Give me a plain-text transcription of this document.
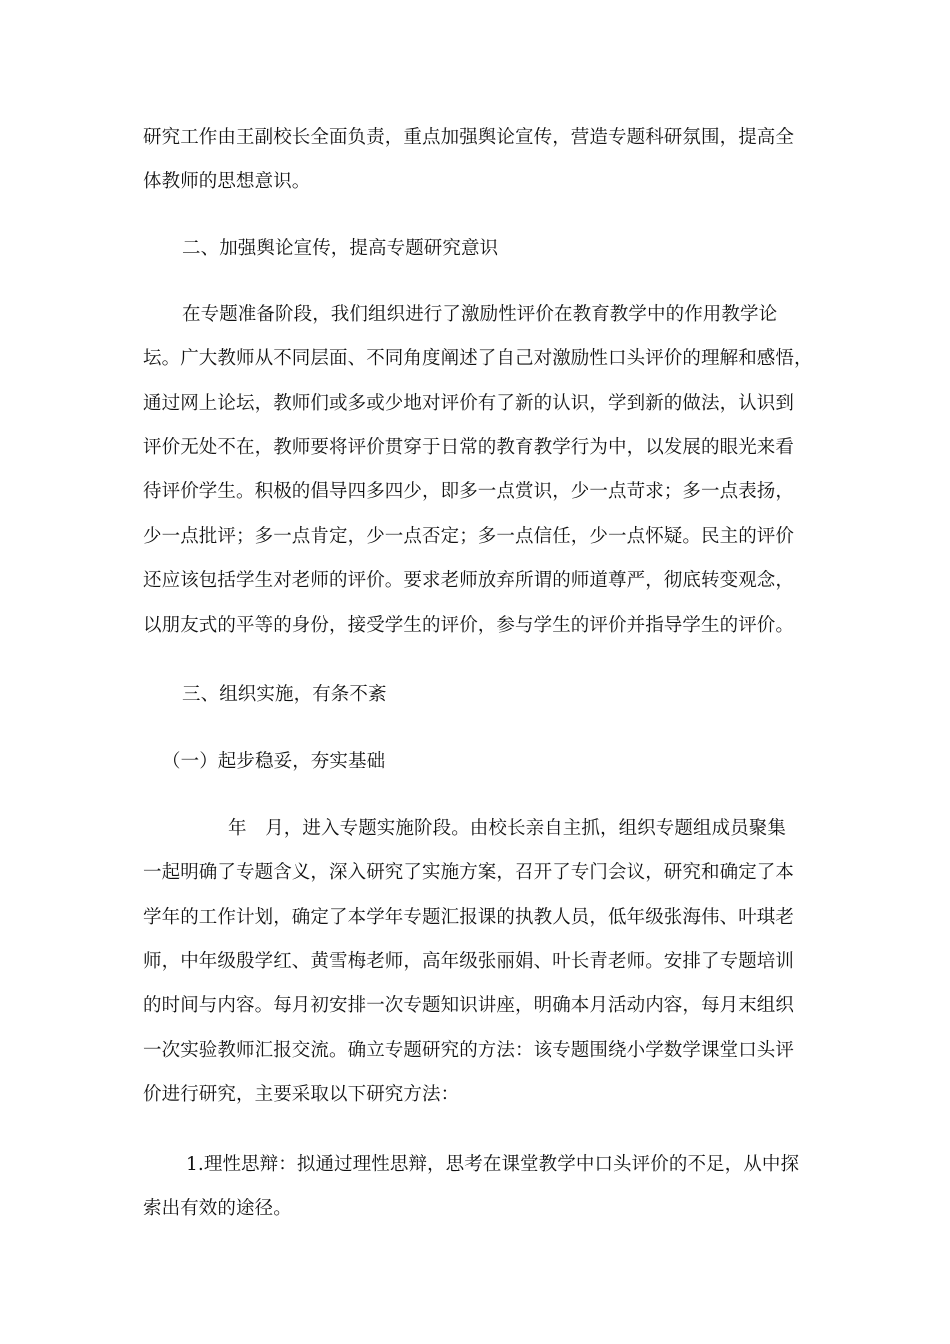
研究工作由王副校长全面负责，重点加强舆论宣传，营造专题科研氛围，提高全
体教师的思想意识。
二、加强舆论宣传，提高专题研究意识
在专题准备阶段，我们组织进行了激励性评价在教育教学中的作用教学论
坛。广大教师从不同层面、不同角度阐述了自己对激励性口头评价的理解和感悟，
通过网上论坛，教师们或多或少地对评价有了新的认识，学到新的做法，认识到
评价无处不在，教师要将评价贯穿于日常的教育教学行为中，以发展的眼光来看
待评价学生。积极的倡导四多四少，即多一点赏识，少一点苛求；多一点表扬，
少一点批评；多一点肯定，少一点否定；多一点信任，少一点怀疑。民主的评价
还应该包括学生对老师的评价。要求老师放弃所谓的师道尊严，彻底转变观念，
以朋友式的平等的身份，接受学生的评价，参与学生的评价并指导学生的评价。
三、组织实施，有条不紊
（一）起步稳妥，夯实基础
年　月，进入专题实施阶段。由校长亲自主抓，组织专题组成员聚集
一起明确了专题含义，深入研究了实施方案，召开了专门会议，研究和确定了本
学年的工作计划，确定了本学年专题汇报课的执教人员，低年级张海伟、叶琪老
师，中年级殷学红、黄雪梅老师，高年级张丽娟、叶长青老师。安排了专题培训
的时间与内容。每月初安排一次专题知识讲座，明确本月活动内容，每月末组织
一次实验教师汇报交流。确立专题研究的方法：该专题围绕小学数学课堂口头评
价进行研究，主要采取以下研究方法：
1.理性思辩：拟通过理性思辩，思考在课堂教学中口头评价的不足，从中探
索出有效的途径。
